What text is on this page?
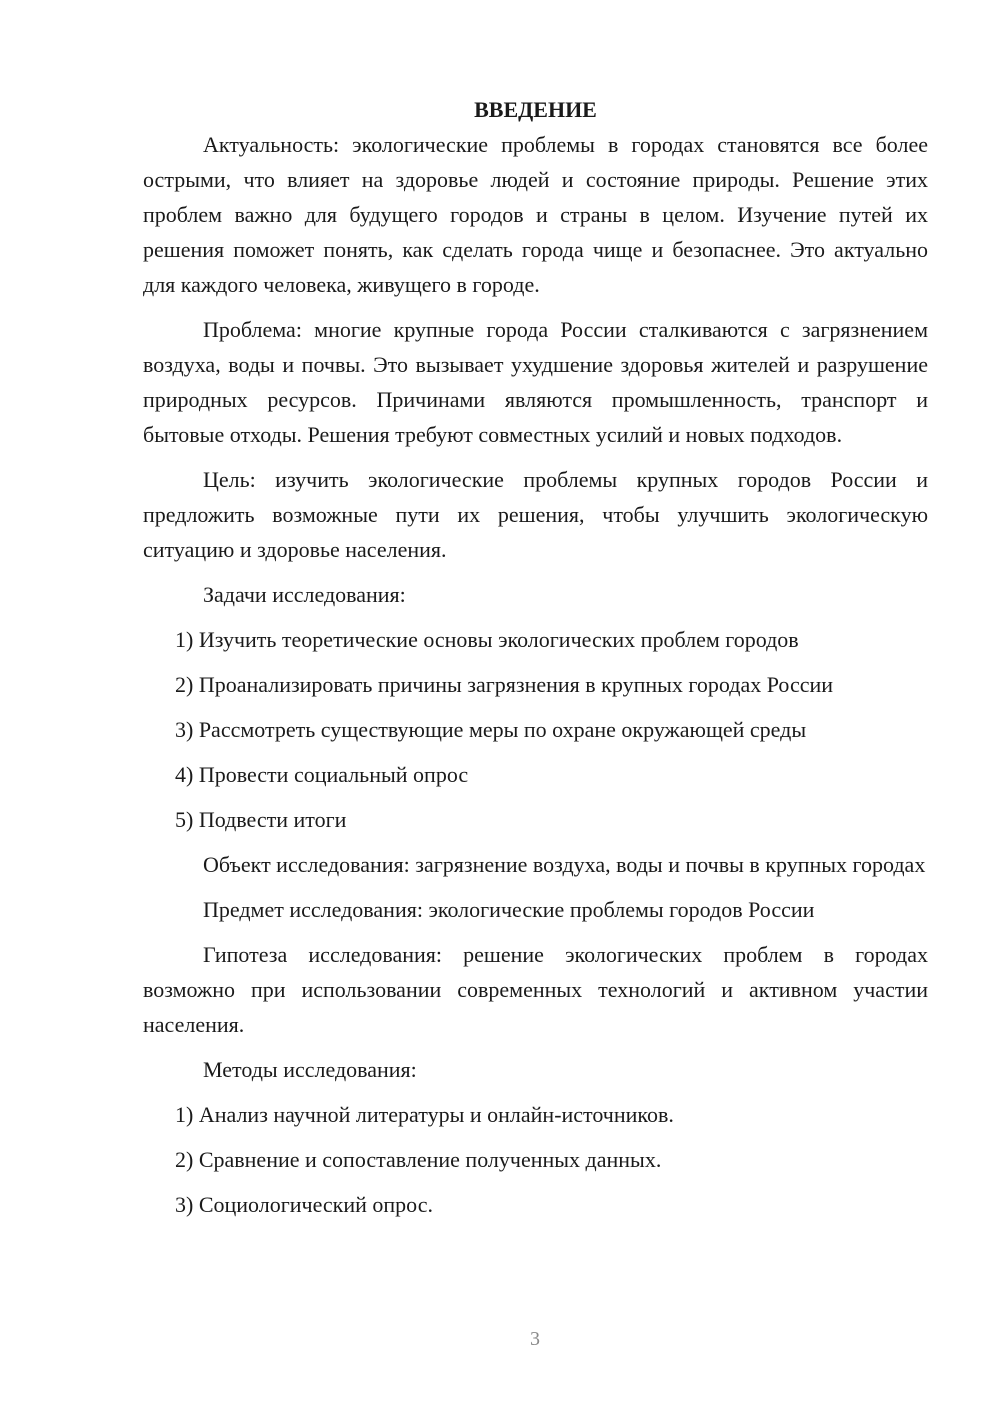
ВВЕДЕНИЕ

Актуальность: экологические проблемы в городах становятся все более острыми, что влияет на здоровье людей и состояние природы. Решение этих проблем важно для будущего городов и страны в целом. Изучение путей их решения поможет понять, как сделать города чище и безопаснее. Это актуально для каждого человека, живущего в городе.

Проблема: многие крупные города России сталкиваются с загрязнением воздуха, воды и почвы. Это вызывает ухудшение здоровья жителей и разрушение природных ресурсов. Причинами являются промышленность, транспорт и бытовые отходы. Решения требуют совместных усилий и новых подходов.

Цель: изучить экологические проблемы крупных городов России и предложить возможные пути их решения, чтобы улучшить экологическую ситуацию и здоровье населения.

Задачи исследования:

1) Изучить теоретические основы экологических проблем городов
2) Проанализировать причины загрязнения в крупных городах России
3) Рассмотреть существующие меры по охране окружающей среды
4) Провести социальный опрос
5) Подвести итоги

Объект исследования: загрязнение воздуха, воды и почвы в крупных городах

Предмет исследования: экологические проблемы городов России

Гипотеза исследования: решение экологических проблем в городах возможно при использовании современных технологий и активном участии населения.

Методы исследования:

1) Анализ научной литературы и онлайн-источников.
2) Сравнение и сопоставление полученных данных.
3) Социологический опрос.
3
